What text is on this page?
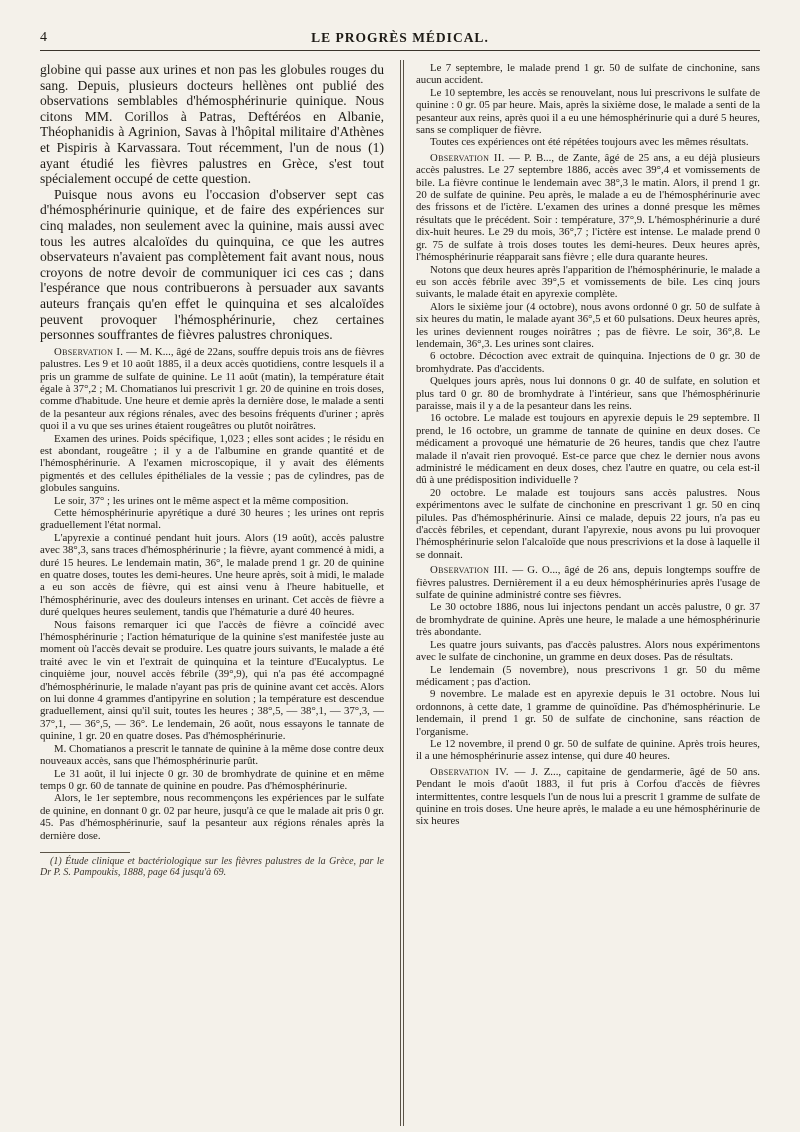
4	LE PROGRÈS MÉDICAL.

globine qui passe aux urines et non pas les globules rouges du sang. Depuis, plusieurs docteurs hellènes ont publié des observations semblables d'hémosphérinurie quinique. Nous citons MM. Corillos à Patras, Deftéréos en Albanie, Théophanidis à Agrinion, Savas à l'hôpital militaire d'Athènes et Pispiris à Karvassara. Tout récemment, l'un de nous (1) ayant étudié les fièvres palustres en Grèce, s'est tout spécialement occupé de cette question.

Puisque nous avons eu l'occasion d'observer sept cas d'hémosphérinurie quinique, et de faire des expériences sur cinq malades, non seulement avec la quinine, mais aussi avec tous les autres alcaloïdes du quinquina, ce que les autres observateurs n'avaient pas complètement fait avant nous, nous croyons de notre devoir de communiquer ici ces cas ; dans l'espérance que nous contribuerons à persuader aux savants auteurs français qu'en effet le quinquina et ses alcaloïdes peuvent provoquer l'hémosphérinurie, chez certaines personnes souffrantes de fièvres palustres chroniques.

Observation I. — M. K..., âgé de 22ans, souffre depuis trois ans de fièvres palustres. Les 9 et 10 août 1885, il a deux accès quotidiens, contre lesquels il a pris un gramme de sulfate de quinine. Le 11 août (matin), la température était égale à 37°,2 ; M. Chomatianos lui prescrivit 1 gr. 20 de quinine en trois doses, comme d'habitude. Une heure et demie après la dernière dose, le malade a senti de la pesanteur aux régions rénales, avec des besoins fréquents d'uriner ; après quoi il a vu que ses urines étaient rougeâtres ou plutôt noirâtres.

Examen des urines. Poids spécifique, 1,023 ; elles sont acides ; le résidu en est abondant, rougeâtre ; il y a de l'albumine en grande quantité et de l'hémosphérinurie. A l'examen microscopique, il y avait des éléments pigmentés et des cellules épithéliales de la vessie ; pas de cylindres, pas de globules sanguins.

Le soir, 37° ; les urines ont le même aspect et la même composition.

Cette hémosphérinurie apyrétique a duré 30 heures ; les urines ont repris graduellement l'état normal.

L'apyrexie a continué pendant huit jours. Alors (19 août), accès palustre avec 38°,3, sans traces d'hémosphérinurie ; la fièvre, ayant commencé à midi, a duré 15 heures. Le lendemain matin, 36°, le malade prend 1 gr. 20 de quinine en quatre doses, toutes les demi-heures. Une heure après, soit à midi, le malade a eu son accès de fièvre, qui est ainsi venu à l'heure habituelle, et l'hémosphérinurie, avec des douleurs intenses en urinant. Cet accès de fièvre a duré quelques heures seulement, tandis que l'hématurie a duré 40 heures.

Nous faisons remarquer ici que l'accès de fièvre a coïncidé avec l'hémosphérinurie ; l'action hématurique de la quinine s'est manifestée juste au moment où l'accès devait se produire. Les quatre jours suivants, le malade a été traité avec le vin et l'extrait de quinquina et la teinture d'Eucalyptus. Le cinquième jour, nouvel accès fébrile (39°,9), qui n'a pas été accompagné d'hémosphérinurie, le malade n'ayant pas pris de quinine avant cet accès. Alors on lui donne 4 grammes d'antipyrine en solution ; la température est descendue graduellement, ainsi qu'il suit, toutes les heures ; 38°,5, — 38°,1, — 37°,3, — 37°,1, — 36°,5, — 36°. Le lendemain, 26 août, nous essayons le tannate de quinine, 1 gr. 20 en quatre doses. Pas d'hémosphérinurie.

M. Chomatianos a prescrit le tannate de quinine à la même dose contre deux nouveaux accès, sans que l'hémosphérinurie parût.

Le 31 août, il lui injecte 0 gr. 30 de bromhydrate de quinine et en même temps 0 gr. 60 de tannate de quinine en poudre. Pas d'hémosphérinurie.

Alors, le 1er septembre, nous recommençons les expériences par le sulfate de quinine, en donnant 0 gr. 02 par heure, jusqu'à ce que le malade ait pris 0 gr. 45. Pas d'hémosphérinurie, sauf la pesanteur aux régions rénales après la dernière dose.

(1) Étude clinique et bactériologique sur les fièvres palustres de la Grèce, par le Dr P. S. Pampoukis, 1888, page 64 jusqu'à 69.

Le 7 septembre, le malade prend 1 gr. 50 de sulfate de cinchonine, sans aucun accident.

Le 10 septembre, les accès se renouvelant, nous lui prescrivons le sulfate de quinine : 0 gr. 05 par heure. Mais, après la sixième dose, le malade a senti de la pesanteur aux reins, après quoi il a eu une hémosphérinurie qui a duré 5 heures, sans se compliquer de fièvre.

Toutes ces expériences ont été répétées toujours avec les mêmes résultats.

Observation II. — P. B..., de Zante, âgé de 25 ans, a eu déjà plusieurs accès palustres. Le 27 septembre 1886, accès avec 39°,4 et vomissements de bile. La fièvre continue le lendemain avec 38°,3 le matin. Alors, il prend 1 gr. 20 de sulfate de quinine. Peu après, le malade a eu de l'hémosphérinurie avec des frissons et de l'ictère. L'examen des urines a donné presque les mêmes résultats que le précédent. Soir : température, 37°,9. L'hémosphérinurie a duré dix-huit heures. Le 29 du mois, 36°,7 ; l'ictère est intense. Le malade prend 0 gr. 75 de sulfate à trois doses toutes les demi-heures. Deux heures après, l'hémosphérinurie réapparait sans fièvre ; elle dura quarante heures.

Notons que deux heures après l'apparition de l'hémosphérinurie, le malade a eu son accès fébrile avec 39°,5 et vomissements de bile. Les cinq jours suivants, le malade était en apyrexie complète.

Alors le sixième jour (4 octobre), nous avons ordonné 0 gr. 50 de sulfate à six heures du matin, le malade ayant 36°,5 et 60 pulsations. Deux heures après, les urines deviennent rouges noirâtres ; pas de fièvre. Le soir, 36°,8. Le lendemain, 36°,3. Les urines sont claires.

6 octobre. Décoction avec extrait de quinquina. Injections de 0 gr. 30 de bromhydrate. Pas d'accidents.

Quelques jours après, nous lui donnons 0 gr. 40 de sulfate, en solution et plus tard 0 gr. 80 de bromhydrate à l'intérieur, sans que l'hémosphérinurie paraisse, mais il y a de la pesanteur dans les reins.

16 octobre. Le malade est toujours en apyrexie depuis le 29 septembre. Il prend, le 16 octobre, un gramme de tannate de quinine en deux doses. Ce médicament a provoqué une hématurie de 26 heures, tandis que chez l'autre malade il n'avait rien provoqué. Est-ce parce que chez le dernier nous avons administré le médicament en deux doses, chez l'autre en quatre, ou cela est-il dû à une prédisposition individuelle ?

20 octobre. Le malade est toujours sans accès palustres. Nous expérimentons avec le sulfate de cinchonine en prescrivant 1 gr. 50 en cinq pilules. Pas d'hémosphérinurie. Ainsi ce malade, depuis 22 jours, n'a pas eu d'accès fébriles, et cependant, durant l'apyrexie, nous avons pu lui provoquer l'hémosphérinurie selon l'alcaloïde que nous prescrivions et la dose à laquelle il se donnait.

Observation III. — G. O..., âgé de 26 ans, depuis longtemps souffre de fièvres palustres. Dernièrement il a eu deux hémosphérinuries après l'usage de sulfate de quinine administré contre ses fièvres.

Le 30 octobre 1886, nous lui injectons pendant un accès palustre, 0 gr. 37 de bromhydrate de quinine. Après une heure, le malade a une hémosphérinurie très abondante.

Les quatre jours suivants, pas d'accès palustres. Alors nous expérimentons avec le sulfate de cinchonine, un gramme en deux doses. Pas de résultats.

Le lendemain (5 novembre), nous prescrivons 1 gr. 50 du même médicament ; pas d'action.

9 novembre. Le malade est en apyrexie depuis le 31 octobre. Nous lui ordonnons, à cette date, 1 gramme de quinoïdine. Pas d'hémosphérinurie. Le lendemain, il prend 1 gr. 50 de sulfate de cinchonine, sans réaction de l'organisme.

Le 12 novembre, il prend 0 gr. 50 de sulfate de quinine. Après trois heures, il a une hémosphérinurie assez intense, qui dure 40 heures.

Observation IV. — J. Z..., capitaine de gendarmerie, âgé de 50 ans. Pendant le mois d'août 1883, il fut pris à Corfou d'accès de fièvres intermittentes, contre lesquels l'un de nous lui a prescrit 1 gramme de sulfate de quinine en trois doses. Une heure après, le malade a eu une hémosphérinurie de six heures
